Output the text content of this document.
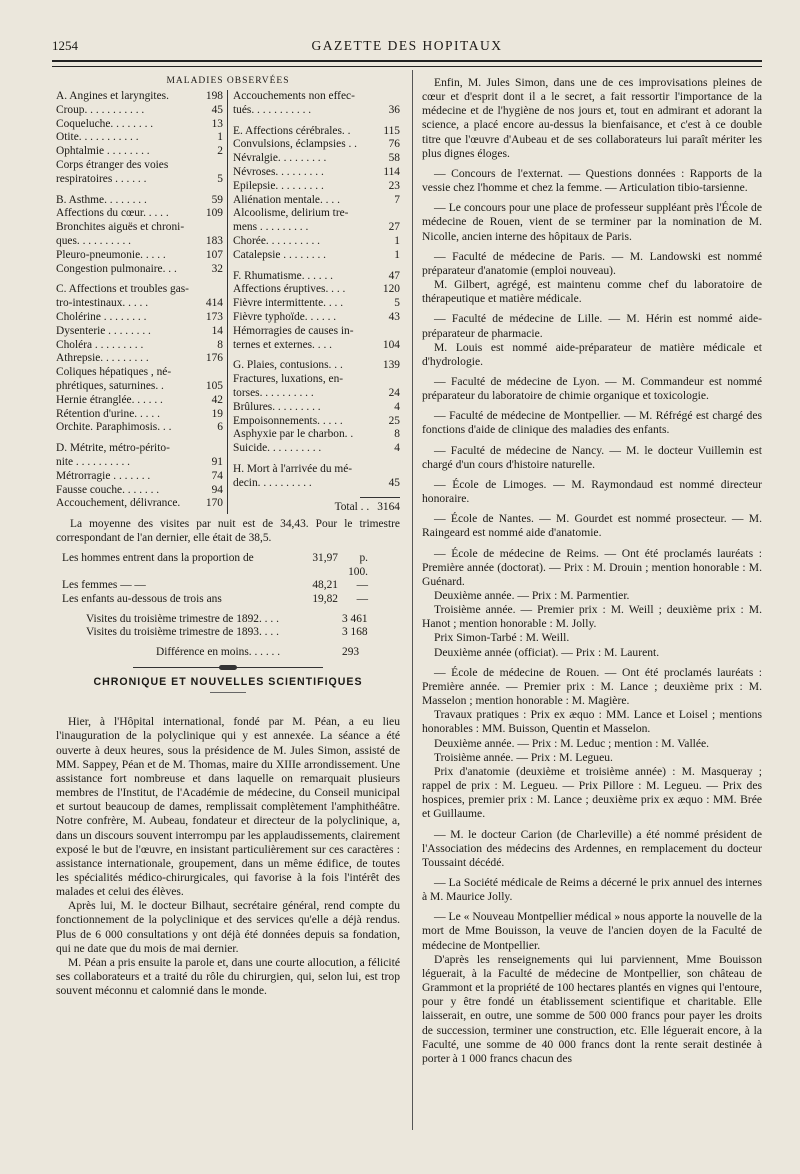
1254	GAZETTE DES HOPITAUX
MALADIES OBSERVÉES
A. Angines et laryngites.	198
Croup. . . . . . . . . . .	45
Coqueluche. . . . . . . .	13
Otite. . . . . . . . . . .	1
Ophtalmie . . . . . . . .	2
Corps étranger des voies
respiratoires . . . . . .	5
B. Asthme. . . . . . . .	59
Affections du cœur. . . . .	109
Bronchites aiguës et chroni-
ques. . . . . . . . . .	183
Pleuro-pneumonie. . . . .	107
Congestion pulmonaire. . .	32
C. Affections et troubles gas-
tro-intestinaux. . . . .	414
Cholérine . . . . . . . .	173
Dysenterie . . . . . . . .	14
Choléra . . . . . . . . .	8
Athrepsie. . . . . . . . .	176
Coliques hépatiques , né-
phrétiques, saturnines. .	105
Hernie étranglée. . . . . .	42
Rétention d'urine. . . . .	19
Orchite. Paraphimosis. . .	6
D. Métrite, métro-périto-
nite . . . . . . . . . .	91
Métrorragie . . . . . . .	74
Fausse couche. . . . . . .	94
Accouchement, délivrance. 170
Accouchements non effec-
tués. . . . . . . . . . .	36
E. Affections cérébrales. .	115
Convulsions, éclampsies . .	76
Névralgie. . . . . . . . .	58
Névroses. . . . . . . . .	114
Epilepsie. . . . . . . . .	23
Aliénation mentale. . . .	7
Alcoolisme, delirium tre-
mens . . . . . . . . .	27
Chorée. . . . . . . . . .	1
Catalepsie . . . . . . . .	1
F. Rhumatisme. . . . . .	47
Affections éruptives. . . .	120
Fièvre intermittente. . . .	5
Fièvre typhoïde. . . . . .	43
Hémorragies de causes in-
ternes et externes. . . .	104
G. Plaies, contusions. . .	139
Fractures, luxations, en-
torses. . . . . . . . . .	24
Brûlures. . . . . . . . .	4
Empoisonnements. . . . .	25
Asphyxie par le charbon. .	8
Suicide. . . . . . . . . .	4
H. Mort à l'arrivée du mé-
decin. . . . . . . . . .	45
Total . . 3164

La moyenne des visites par nuit est de 34,43. Pour le trimestre correspondant de l'an dernier, elle était de 38,5.

Les hommes entrent dans la proportion de	31,97	p. 100.
Les femmes — —	48,21	—
Les enfants au-dessous de trois ans	19,82	—
Visites du troisième trimestre de 1892. . . .	3 461
Visites du troisième trimestre de 1893. . . .	3 168
Différence en moins. . . . . .	293
CHRONIQUE ET NOUVELLES SCIENTIFIQUES

Hier, à l'Hôpital international, fondé par M. Péan, a eu lieu l'inauguration de la polyclinique qui y est annexée. La séance a été ouverte à deux heures, sous la présidence de M. Jules Simon, assisté de MM. Sappey, Péan et de M. Thomas, maire du XIIIe arrondissement. Une assistance fort nombreuse et dans laquelle on remarquait plusieurs membres de l'Institut, de l'Académie de médecine, du Conseil municipal et surtout beaucoup de dames, remplissait complètement l'amphithéâtre. Notre confrère, M. Aubeau, fondateur et directeur de la polyclinique, a, dans un discours souvent interrompu par les applaudissements, clairement exposé le but de l'œuvre, en insistant particulièrement sur ces caractères : assistance internationale, groupement, dans un même édifice, de toutes les spécialités médico-chirurgicales, qui favorise à la fois l'intérêt des malades et celui des élèves.

Après lui, M. le docteur Bilhaut, secrétaire général, rend compte du fonctionnement de la polyclinique et des services qu'elle a déjà rendus. Plus de 6 000 consultations y ont déjà été données depuis sa fondation, qui ne date que du mois de mai dernier.

M. Péan a pris ensuite la parole et, dans une courte allocution, a félicité ses collaborateurs et a traité du rôle du chirurgien, qui, selon lui, est trop souvent méconnu et calomnié dans le monde.

Enfin, M. Jules Simon, dans une de ces improvisations pleines de cœur et d'esprit dont il a le secret, a fait ressortir l'importance de la médecine et de l'hygiène de nos jours et, tout en admirant et adorant la science, a placé encore au-dessus la bienfaisance, et c'est à ce double titre que l'œuvre d'Aubeau et de ses collaborateurs lui paraît mériter les plus dignes éloges.

— Concours de l'externat. — Questions données : Rapports de la vessie chez l'homme et chez la femme. — Articulation tibio-tarsienne.

— Le concours pour une place de professeur suppléant près l'École de médecine de Rouen, vient de se terminer par la nomination de M. Nicolle, ancien interne des hôpitaux de Paris.

— Faculté de médecine de Paris. — M. Landowski est nommé préparateur d'anatomie (emploi nouveau).

M. Gilbert, agrégé, est maintenu comme chef du laboratoire de thérapeutique et matière médicale.

— Faculté de médecine de Lille. — M. Hérin est nommé aide-préparateur de pharmacie.

M. Louis est nommé aide-préparateur de matière médicale et d'hydrologie.

— Faculté de médecine de Lyon. — M. Commandeur est nommé préparateur du laboratoire de chimie organique et toxicologie.

— Faculté de médecine de Montpellier. — M. Réfrégé est chargé des fonctions d'aide de clinique des maladies des enfants.

— Faculté de médecine de Nancy. — M. le docteur Vuillemin est chargé d'un cours d'histoire naturelle.

— École de Limoges. — M. Raymondaud est nommé directeur honoraire.

— École de Nantes. — M. Gourdet est nommé prosecteur. — M. Raingeard est nommé aide d'anatomie.

— École de médecine de Reims. — Ont été proclamés lauréats : Première année (doctorat). — Prix : M. Drouin ; mention honorable : M. Guénard.

Deuxième année. — Prix : M. Parmentier.

Troisième année. — Premier prix : M. Weill ; deuxième prix : M. Hanot ; mention honorable : M. Jolly.

Prix Simon-Tarbé : M. Weill.

Deuxième année (officiat). — Prix : M. Laurent.

— École de médecine de Rouen. — Ont été proclamés lauréats : Première année. — Premier prix : M. Lance ; deuxième prix : M. Masselon ; mention honorable : M. Magière.

Travaux pratiques : Prix ex æquo : MM. Lance et Loisel ; mentions honorables : MM. Buisson, Quentin et Masselon.

Deuxième année. — Prix : M. Leduc ; mention : M. Vallée.

Troisième année. — Prix : M. Legueu.

Prix d'anatomie (deuxième et troisième année) : M. Masqueray ; rappel de prix : M. Legueu. — Prix Pillore : M. Legueu. — Prix des hospices, premier prix : M. Lance ; deuxième prix ex æquo : MM. Brée et Guillaume.

— M. le docteur Carion (de Charleville) a été nommé président de l'Association des médecins des Ardennes, en remplacement du docteur Toussaint décédé.

— La Société médicale de Reims a décerné le prix annuel des internes à M. Maurice Jolly.

— Le « Nouveau Montpellier médical » nous apporte la nouvelle de la mort de Mme Bouisson, la veuve de l'ancien doyen de la Faculté de médecine de Montpellier.

D'après les renseignements qui lui parviennent, Mme Bouisson léguerait, à la Faculté de médecine de Montpellier, son château de Grammont et la propriété de 100 hectares plantés en vignes qui l'entoure, pour y être fondé un établissement scientifique et charitable. Elle laisserait, en outre, une somme de 500 000 francs pour payer les droits de succession, terminer une construction, etc. Elle léguerait encore, à la Faculté, une somme de 40 000 francs dont la rente serait destinée à porter à 1 000 francs chacun des
